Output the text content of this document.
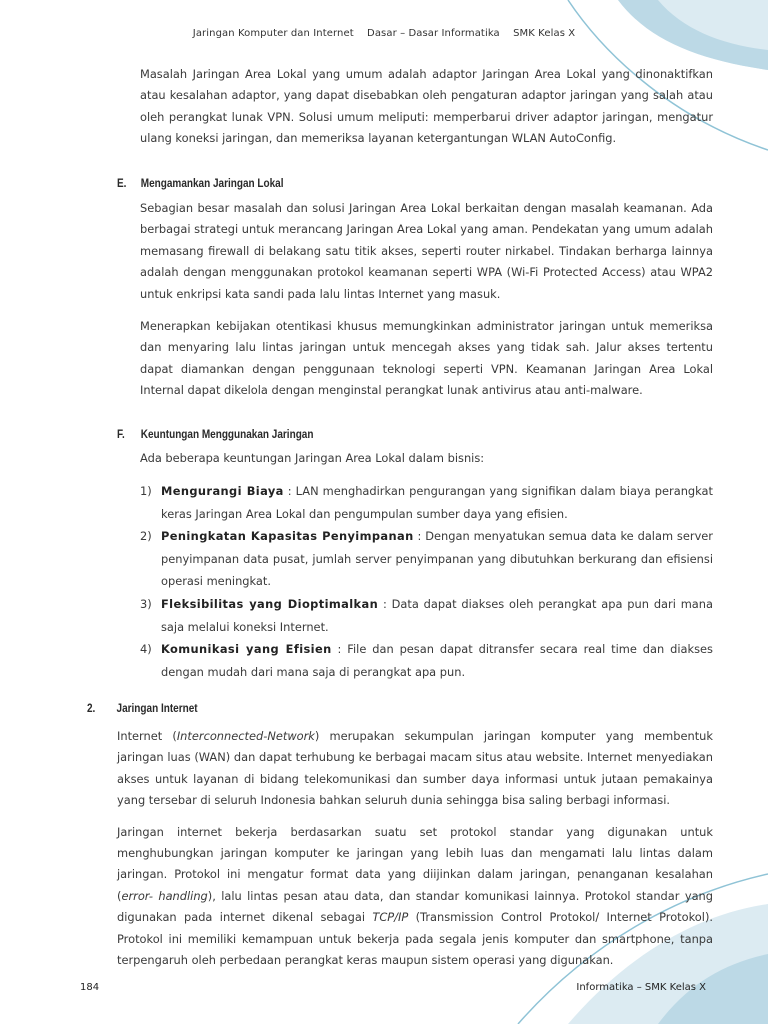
Jaringan Komputer dan Internet Dasar – Dasar Informatika SMK Kelas X

Masalah Jaringan Area Lokal yang umum adalah adaptor Jaringan Area Lokal yang dinonaktifkan atau kesalahan adaptor, yang dapat disebabkan oleh pengaturan adaptor jaringan yang salah atau oleh perangkat lunak VPN. Solusi umum meliputi: memperbarui driver adaptor jaringan, mengatur ulang koneksi jaringan, dan memeriksa layanan ketergantungan WLAN AutoConfig.

E. Mengamankan Jaringan Lokal

Sebagian besar masalah dan solusi Jaringan Area Lokal berkaitan dengan masalah keamanan. Ada berbagai strategi untuk merancang Jaringan Area Lokal yang aman. Pendekatan yang umum adalah memasang firewall di belakang satu titik akses, seperti router nirkabel. Tindakan berharga lainnya adalah dengan menggunakan protokol keamanan seperti WPA (Wi-Fi Protected Access) atau WPA2 untuk enkripsi kata sandi pada lalu lintas Internet yang masuk.

Menerapkan kebijakan otentikasi khusus memungkinkan administrator jaringan untuk memeriksa dan menyaring lalu lintas jaringan untuk mencegah akses yang tidak sah. Jalur akses tertentu dapat diamankan dengan penggunaan teknologi seperti VPN. Keamanan Jaringan Area Lokal Internal dapat dikelola dengan menginstal perangkat lunak antivirus atau anti-malware.

F. Keuntungan Menggunakan Jaringan

Ada beberapa keuntungan Jaringan Area Lokal dalam bisnis:

1) Mengurangi Biaya : LAN menghadirkan pengurangan yang signifikan dalam biaya perangkat keras Jaringan Area Lokal dan pengumpulan sumber daya yang efisien.
2) Peningkatan Kapasitas Penyimpanan : Dengan menyatukan semua data ke dalam server penyimpanan data pusat, jumlah server penyimpanan yang dibutuhkan berkurang dan efisiensi operasi meningkat.
3) Fleksibilitas yang Dioptimalkan : Data dapat diakses oleh perangkat apa pun dari mana saja melalui koneksi Internet.
4) Komunikasi yang Efisien : File dan pesan dapat ditransfer secara real time dan diakses dengan mudah dari mana saja di perangkat apa pun.
2. Jaringan Internet

Internet (Interconnected-Network) merupakan sekumpulan jaringan komputer yang membentuk jaringan luas (WAN) dan dapat terhubung ke berbagai macam situs atau website. Internet menyediakan akses untuk layanan di bidang telekomunikasi dan sumber daya informasi untuk jutaan pemakainya yang tersebar di seluruh Indonesia bahkan seluruh dunia sehingga bisa saling berbagi informasi.

Jaringan internet bekerja berdasarkan suatu set protokol standar yang digunakan untuk menghubungkan jaringan komputer ke jaringan yang lebih luas dan mengamati lalu lintas dalam jaringan. Protokol ini mengatur format data yang diijinkan dalam jaringan, penanganan kesalahan (error- handling), lalu lintas pesan atau data, dan standar komunikasi lainnya. Protokol standar yang digunakan pada internet dikenal sebagai TCP/IP (Transmission Control Protokol/ Internet Protokol). Protokol ini memiliki kemampuan untuk bekerja pada segala jenis komputer dan smartphone, tanpa terpengaruh oleh perbedaan perangkat keras maupun sistem operasi yang digunakan.

184	Informatika – SMK Kelas X
